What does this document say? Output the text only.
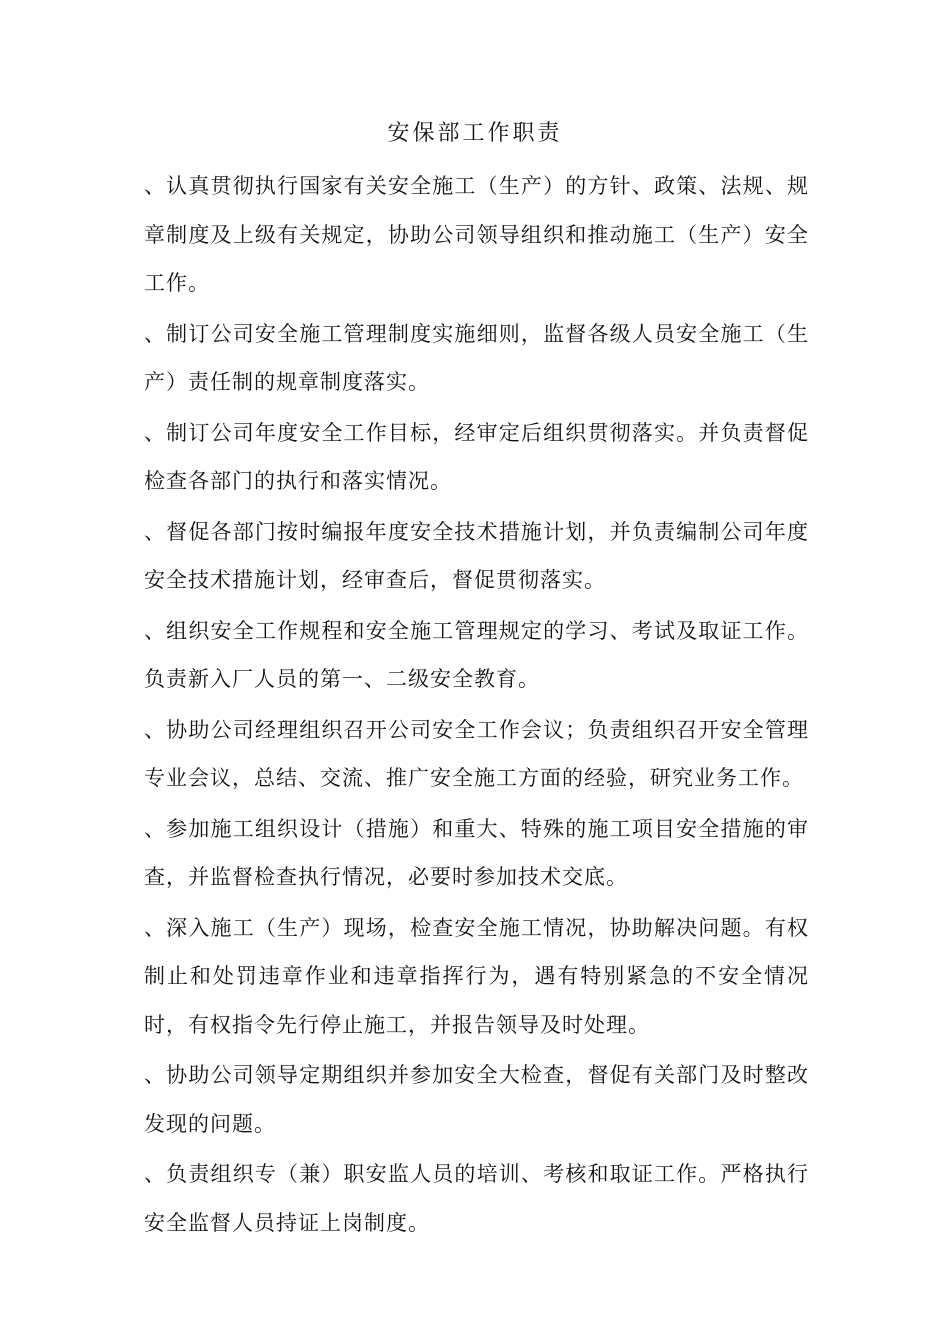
安保部工作职责

、认真贯彻执行国家有关安全施工（生产）的方针、政策、法规、规章制度及上级有关规定，协助公司领导组织和推动施工（生产）安全工作。

、制订公司安全施工管理制度实施细则，监督各级人员安全施工（生产）责任制的规章制度落实。

、制订公司年度安全工作目标，经审定后组织贯彻落实。并负责督促检查各部门的执行和落实情况。

、督促各部门按时编报年度安全技术措施计划，并负责编制公司年度安全技术措施计划，经审查后，督促贯彻落实。

、组织安全工作规程和安全施工管理规定的学习、考试及取证工作。负责新入厂人员的第一、二级安全教育。

、协助公司经理组织召开公司安全工作会议；负责组织召开安全管理专业会议，总结、交流、推广安全施工方面的经验，研究业务工作。

、参加施工组织设计（措施）和重大、特殊的施工项目安全措施的审查，并监督检查执行情况，必要时参加技术交底。

、深入施工（生产）现场，检查安全施工情况，协助解决问题。有权制止和处罚违章作业和违章指挥行为，遇有特别紧急的不安全情况时，有权指令先行停止施工，并报告领导及时处理。

、协助公司领导定期组织并参加安全大检查，督促有关部门及时整改发现的问题。

、负责组织专（兼）职安监人员的培训、考核和取证工作。严格执行安全监督人员持证上岗制度。
